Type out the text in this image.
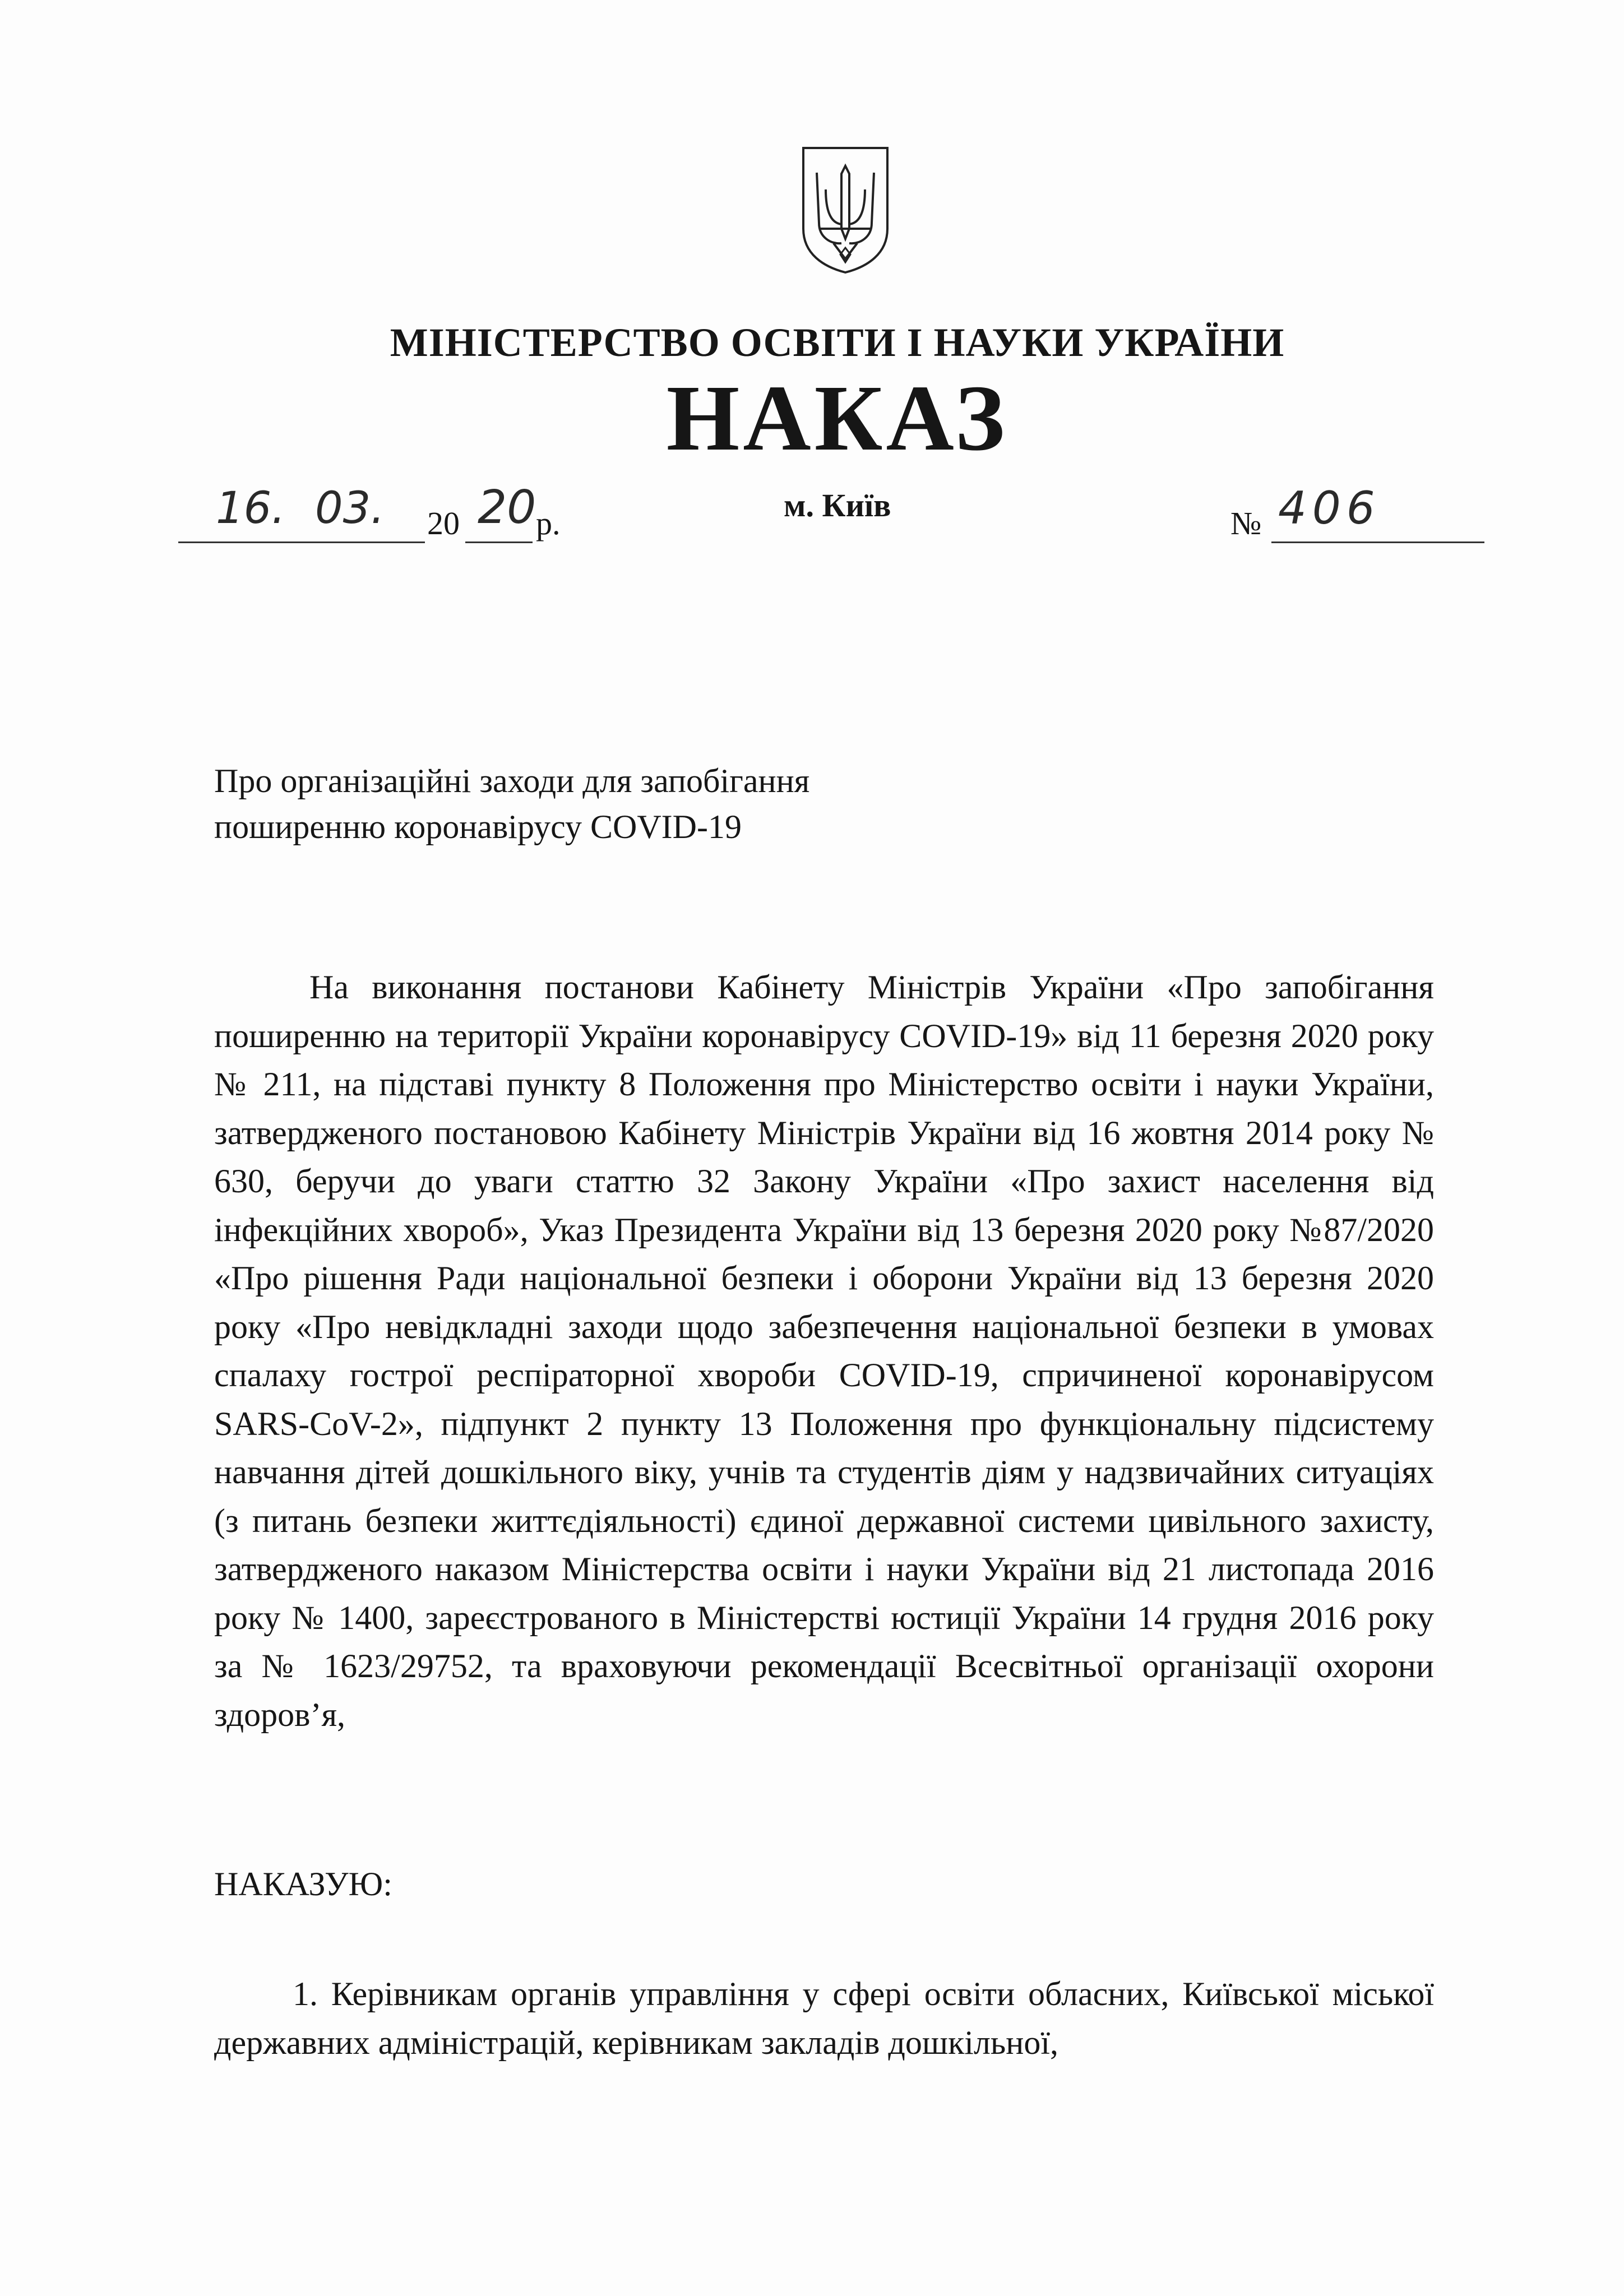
МІНІСТЕРСТВО ОСВІТИ І НАУКИ УКРАЇНИ
НАКАЗ
16. 03. 20 20 р.	м. Київ	№ 406
Про організаційні заходи для запобігання
поширенню коронавірусу COVID-19
На виконання постанови Кабінету Міністрів України «Про запобігання поширенню на території України коронавірусу COVID-19» від 11 березня 2020 року № 211, на підставі пункту 8 Положення про Міністерство освіти і науки України, затвердженого постановою Кабінету Міністрів України від 16 жовтня 2014 року № 630, беручи до уваги статтю 32 Закону України «Про захист населення від інфекційних хвороб», Указ Президента України від 13 березня 2020 року №87/2020 «Про рішення Ради національної безпеки і оборони України від 13 березня 2020 року «Про невідкладні заходи щодо забезпечення національної безпеки в умовах спалаху гострої респіраторної хвороби COVID-19, спричиненої коронавірусом SARS-CoV-2», підпункт 2 пункту 13 Положення про функціональну підсистему навчання дітей дошкільного віку, учнів та студентів діям у надзвичайних ситуаціях (з питань безпеки життєдіяльності) єдиної державної системи цивільного захисту, затвердженого наказом Міністерства освіти і науки України від 21 листопада 2016 року № 1400, зареєстрованого в Міністерстві юстиції України 14 грудня 2016 року за № 1623/29752, та враховуючи рекомендації Всесвітньої організації охорони здоров’я,
НАКАЗУЮ:
1. Керівникам органів управління у сфері освіти обласних, Київської міської державних адміністрацій, керівникам закладів дошкільної,
